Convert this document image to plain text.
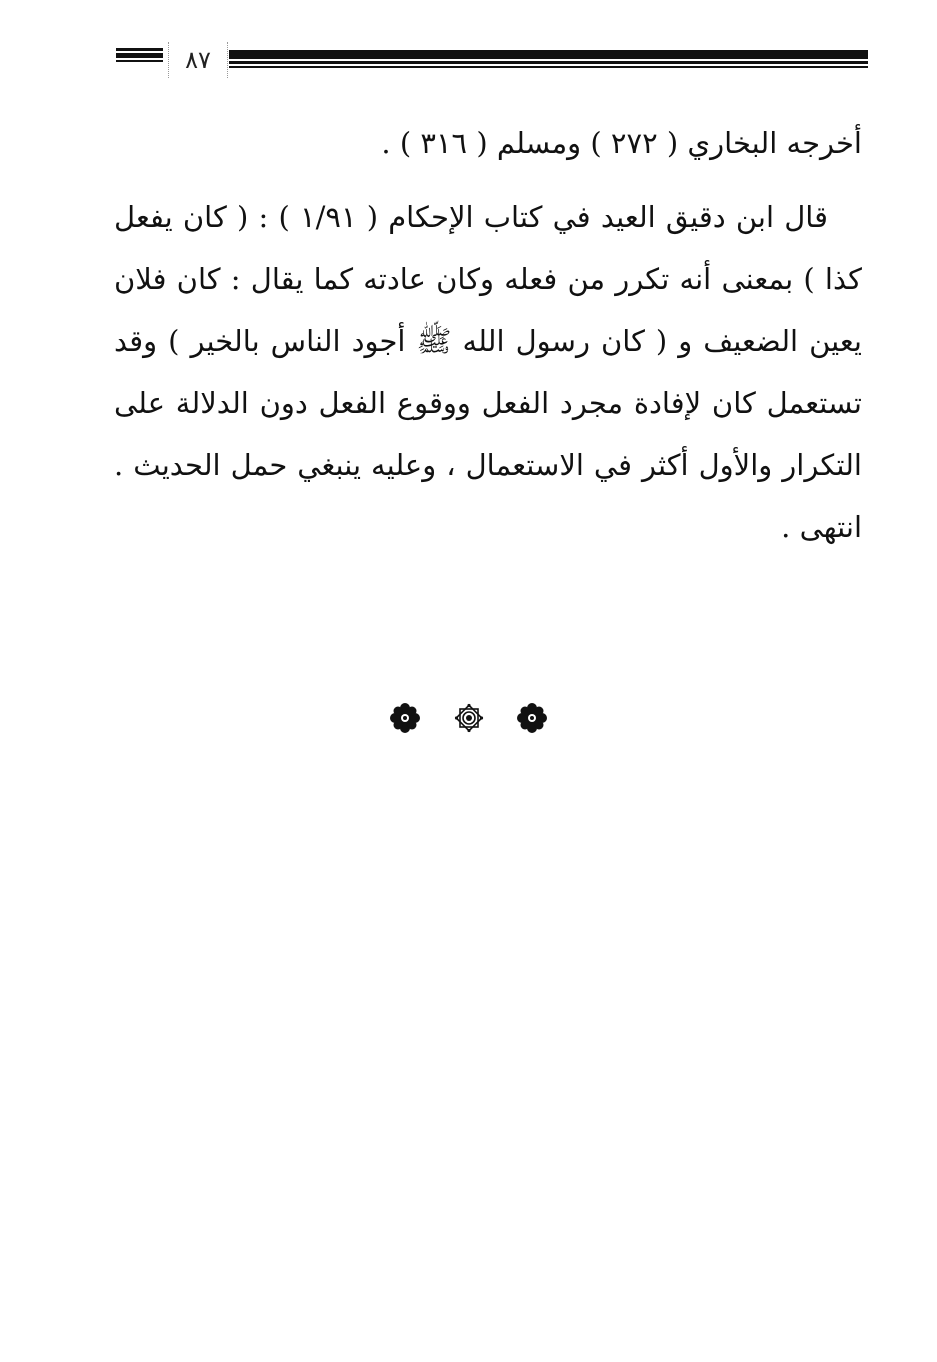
٨٧

أخرجه البخاري ( ٢٧٢ ) ومسلم ( ٣١٦ ) .

قال ابن دقيق العيد في كتاب الإحكام ( ١/٩١ ) : ( كان يفعل كذا ) بمعنى أنه تكرر من فعله وكان عادته كما يقال : كان فلان يعين الضعيف و ( كان رسول الله ﷺ أجود الناس بالخير ) وقد تستعمل كان لإفادة مجرد الفعل ووقوع الفعل دون الدلالة على التكرار والأول أكثر في الاستعمال ، وعليه ينبغي حمل الحديث . انتهى .
